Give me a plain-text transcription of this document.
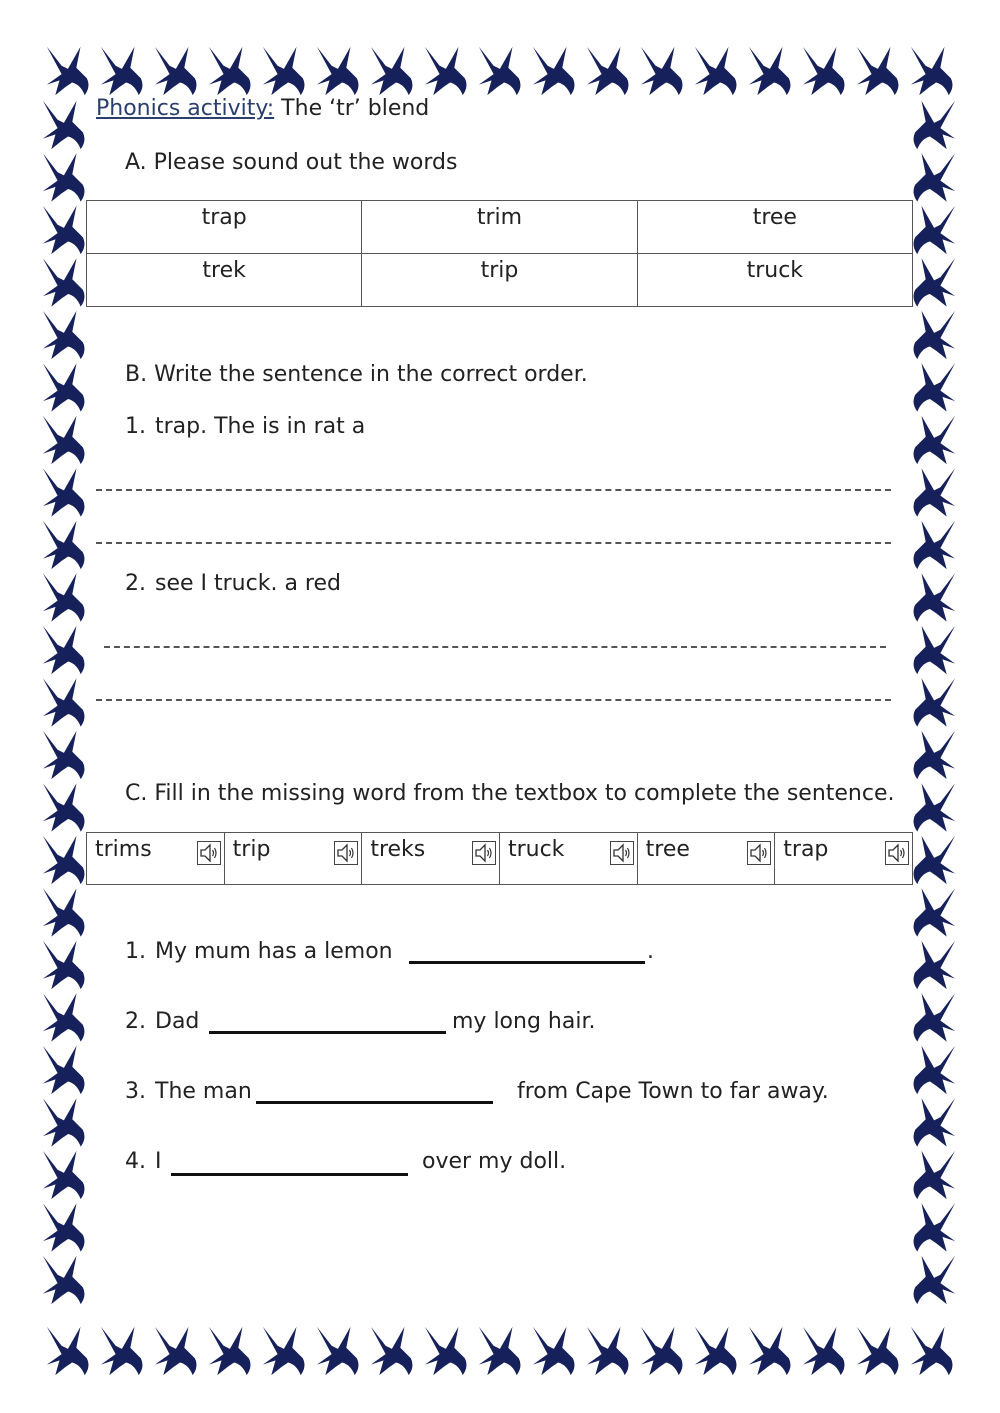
Phonics activity: The ‘tr’ blend
A. Please sound out the words
trap	trim	tree
trek	trip	truck
B. Write the sentence in the correct order.
1. trap. The is in rat a
2. see I truck. a red
C. Fill in the missing word from the textbox to complete the sentence.
trims	trip	treks	truck	tree	trap
1. My mum has a lemon	.
2. Dad	my long hair.
3. The man	from Cape Town to far away.
4. I	over my doll.
